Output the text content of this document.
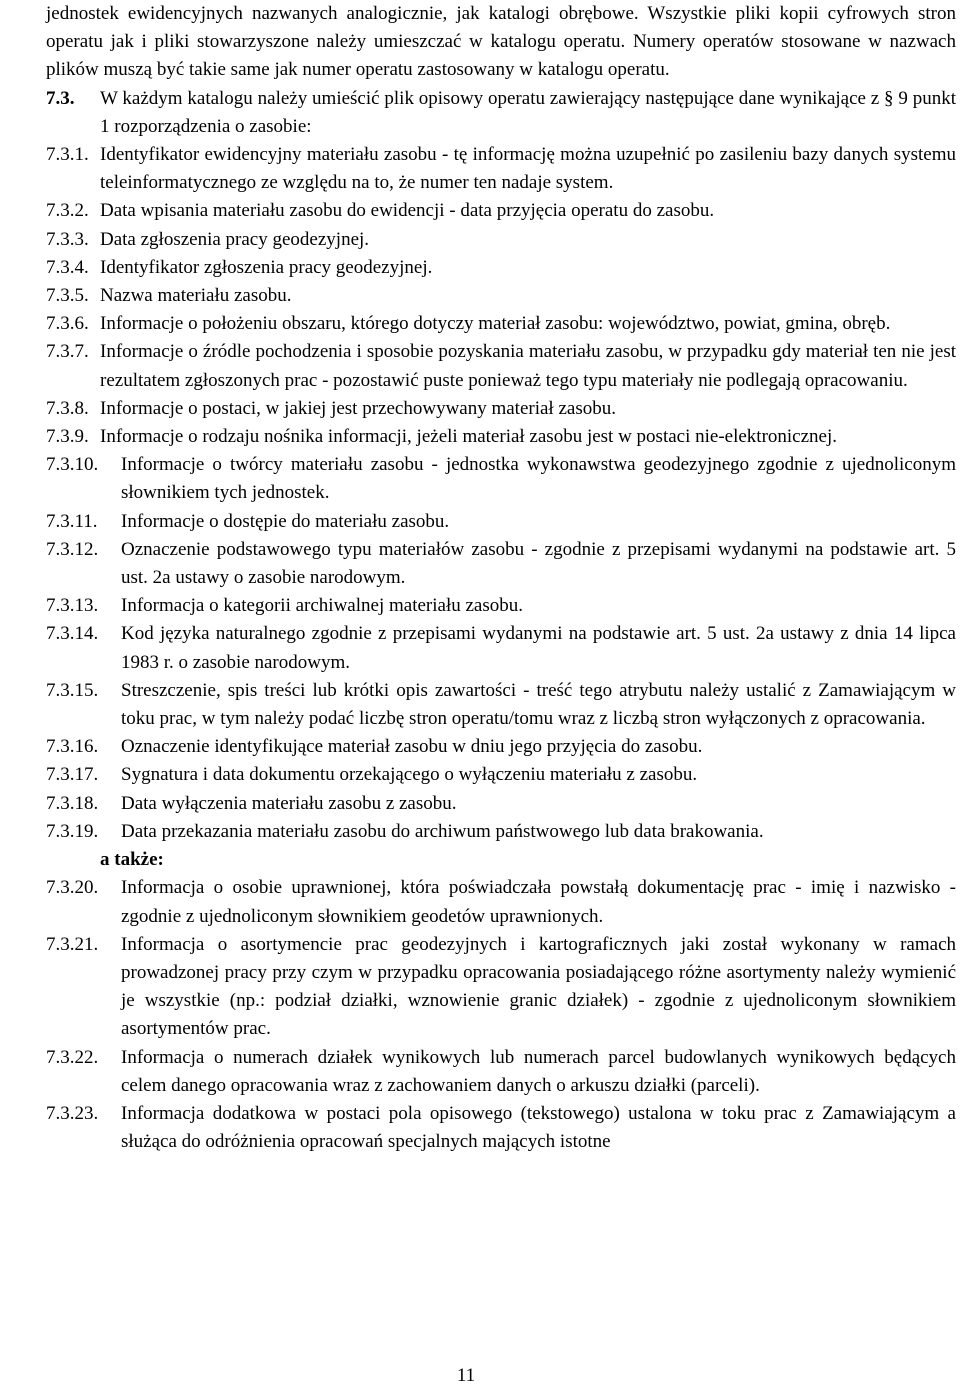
jednostek ewidencyjnych nazwanych analogicznie, jak katalogi obrębowe. Wszystkie pliki kopii cyfrowych stron operatu jak i pliki stowarzyszone należy umieszczać w katalogu operatu. Numery operatów stosowane w nazwach plików muszą być takie same jak numer operatu zastosowany w katalogu operatu.

7.3.	W każdym katalogu należy umieścić plik opisowy operatu zawierający następujące dane wynikające z § 9 punkt 1 rozporządzenia o zasobie:

7.3.1. Identyfikator ewidencyjny materiału zasobu - tę informację można uzupełnić po zasileniu bazy danych systemu teleinformatycznego ze względu na to, że numer ten nadaje system.

7.3.2. Data wpisania materiału zasobu do ewidencji - data przyjęcia operatu do zasobu.

7.3.3. Data zgłoszenia pracy geodezyjnej.

7.3.4. Identyfikator zgłoszenia pracy geodezyjnej.

7.3.5. Nazwa materiału zasobu.

7.3.6. Informacje o położeniu obszaru, którego dotyczy materiał zasobu: województwo, powiat, gmina, obręb.

7.3.7. Informacje o źródle pochodzenia i sposobie pozyskania materiału zasobu, w przypadku gdy materiał ten nie jest rezultatem zgłoszonych prac - pozostawić puste ponieważ tego typu materiały nie podlegają opracowaniu.

7.3.8. Informacje o postaci, w jakiej jest przechowywany materiał zasobu.

7.3.9. Informacje o rodzaju nośnika informacji, jeżeli materiał zasobu jest w postaci nie-elektronicznej.

7.3.10.	Informacje o twórcy materiału zasobu - jednostka wykonawstwa geodezyjnego zgodnie z ujednoliconym słownikiem tych jednostek.

7.3.11.	Informacje o dostępie do materiału zasobu.

7.3.12.	Oznaczenie podstawowego typu materiałów zasobu - zgodnie z przepisami wydanymi na podstawie art. 5 ust. 2a ustawy o zasobie narodowym.

7.3.13.	Informacja o kategorii archiwalnej materiału zasobu.

7.3.14.	Kod języka naturalnego zgodnie z przepisami wydanymi na podstawie art. 5 ust. 2a ustawy z dnia 14 lipca 1983 r. o zasobie narodowym.

7.3.15.	Streszczenie, spis treści lub krótki opis zawartości - treść tego atrybutu należy ustalić z Zamawiającym w toku prac, w tym należy podać liczbę stron operatu/tomu wraz z liczbą stron wyłączonych z opracowania.

7.3.16.	Oznaczenie identyfikujące materiał zasobu w dniu jego przyjęcia do zasobu.

7.3.17.	Sygnatura i data dokumentu orzekającego o wyłączeniu materiału z zasobu.

7.3.18.	Data wyłączenia materiału zasobu z zasobu.

7.3.19.	Data przekazania materiału zasobu do archiwum państwowego lub data brakowania.

a także:
7.3.20.	Informacja o osobie uprawnionej, która poświadczała powstałą dokumentację prac - imię i nazwisko - zgodnie z ujednoliconym słownikiem geodetów uprawnionych.

7.3.21.	Informacja o asortymencie prac geodezyjnych i kartograficznych jaki został wykonany w ramach prowadzonej pracy przy czym w przypadku opracowania posiadającego różne asortymenty należy wymienić je wszystkie (np.: podział działki, wznowienie granic działek) - zgodnie z ujednoliconym słownikiem asortymentów prac.

7.3.22.	Informacja o numerach działek wynikowych lub numerach parcel budowlanych wynikowych będących celem danego opracowania wraz z zachowaniem danych o arkuszu działki (parceli).

7.3.23.	Informacja dodatkowa w postaci pola opisowego (tekstowego) ustalona w toku prac z Zamawiającym a służąca do odróżnienia opracowań specjalnych mających istotne

11
